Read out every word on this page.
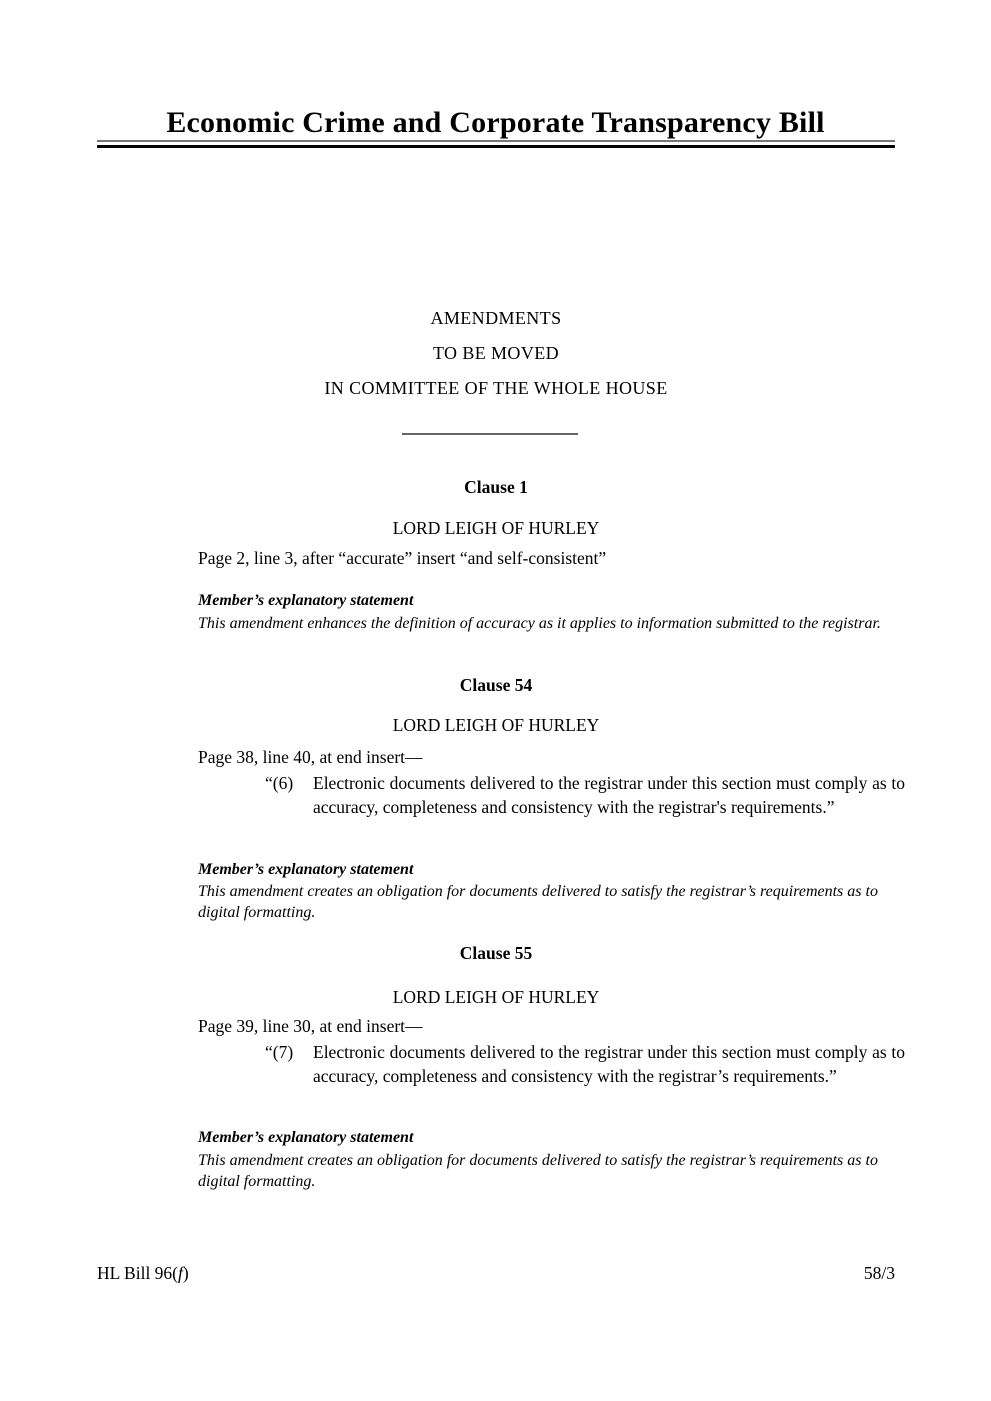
Economic Crime and Corporate Transparency Bill
AMENDMENTS
TO BE MOVED
IN COMMITTEE OF THE WHOLE HOUSE
Clause 1
LORD LEIGH OF HURLEY
Page 2, line 3, after “accurate” insert “and self-consistent”
Member’s explanatory statement
This amendment enhances the definition of accuracy as it applies to information submitted to the registrar.
Clause 54
LORD LEIGH OF HURLEY
Page 38, line 40, at end insert—
“(6)	Electronic documents delivered to the registrar under this section must comply as to accuracy, completeness and consistency with the registrar's requirements.”
Member’s explanatory statement
This amendment creates an obligation for documents delivered to satisfy the registrar’s requirements as to digital formatting.
Clause 55
LORD LEIGH OF HURLEY
Page 39, line 30, at end insert—
“(7)	Electronic documents delivered to the registrar under this section must comply as to accuracy, completeness and consistency with the registrar’s requirements.”
Member’s explanatory statement
This amendment creates an obligation for documents delivered to satisfy the registrar’s requirements as to digital formatting.
HL Bill 96(f)	58/3
